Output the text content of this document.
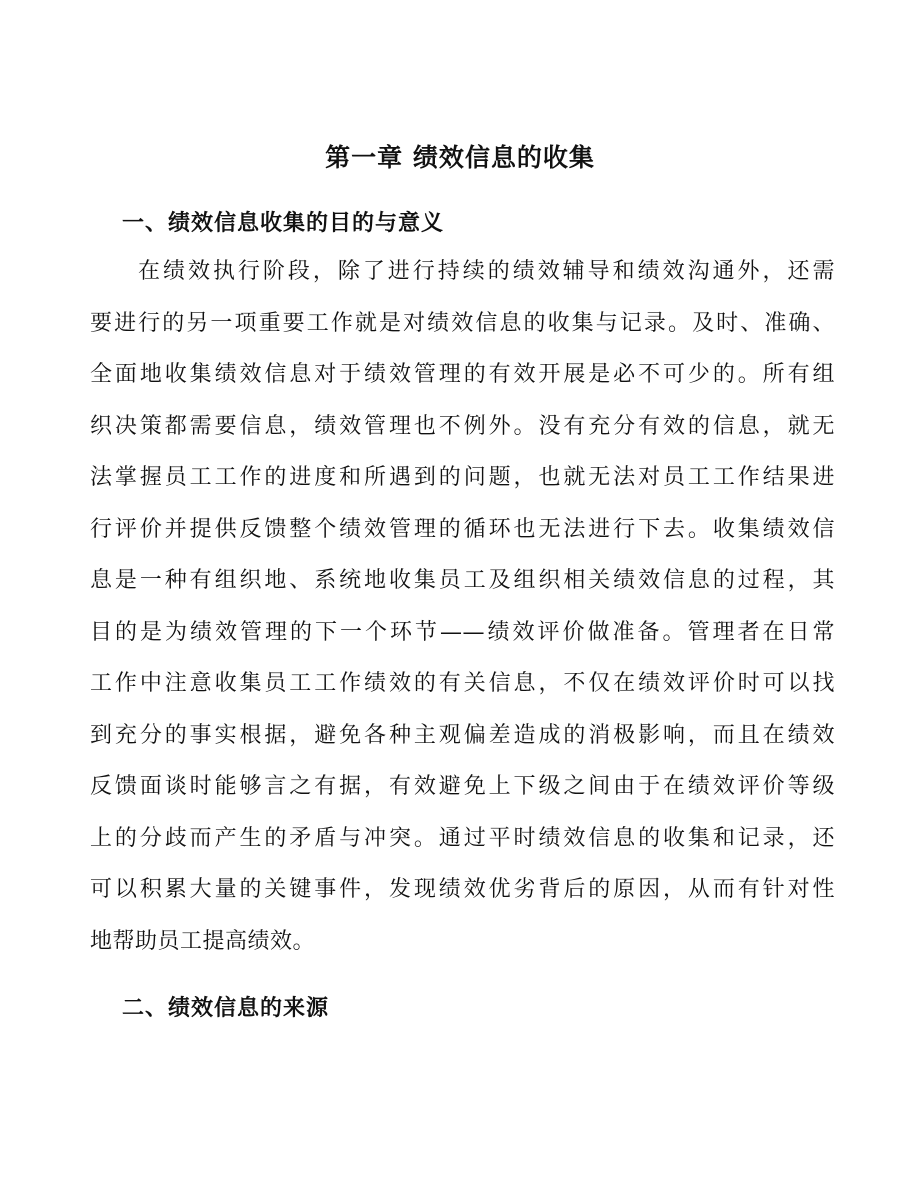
第一章 绩效信息的收集
一、绩效信息收集的目的与意义
在绩效执行阶段，除了进行持续的绩效辅导和绩效沟通外，还需
要进行的另一项重要工作就是对绩效信息的收集与记录。及时、准确、
全面地收集绩效信息对于绩效管理的有效开展是必不可少的。所有组
织决策都需要信息，绩效管理也不例外。没有充分有效的信息，就无
法掌握员工工作的进度和所遇到的问题，也就无法对员工工作结果进
行评价并提供反馈整个绩效管理的循环也无法进行下去。收集绩效信
息是一种有组织地、系统地收集员工及组织相关绩效信息的过程，其
目的是为绩效管理的下一个环节——绩效评价做准备。管理者在日常
工作中注意收集员工工作绩效的有关信息，不仅在绩效评价时可以找
到充分的事实根据，避免各种主观偏差造成的消极影响，而且在绩效
反馈面谈时能够言之有据，有效避免上下级之间由于在绩效评价等级
上的分歧而产生的矛盾与冲突。通过平时绩效信息的收集和记录，还
可以积累大量的关键事件，发现绩效优劣背后的原因，从而有针对性
地帮助员工提高绩效。
二、绩效信息的来源
